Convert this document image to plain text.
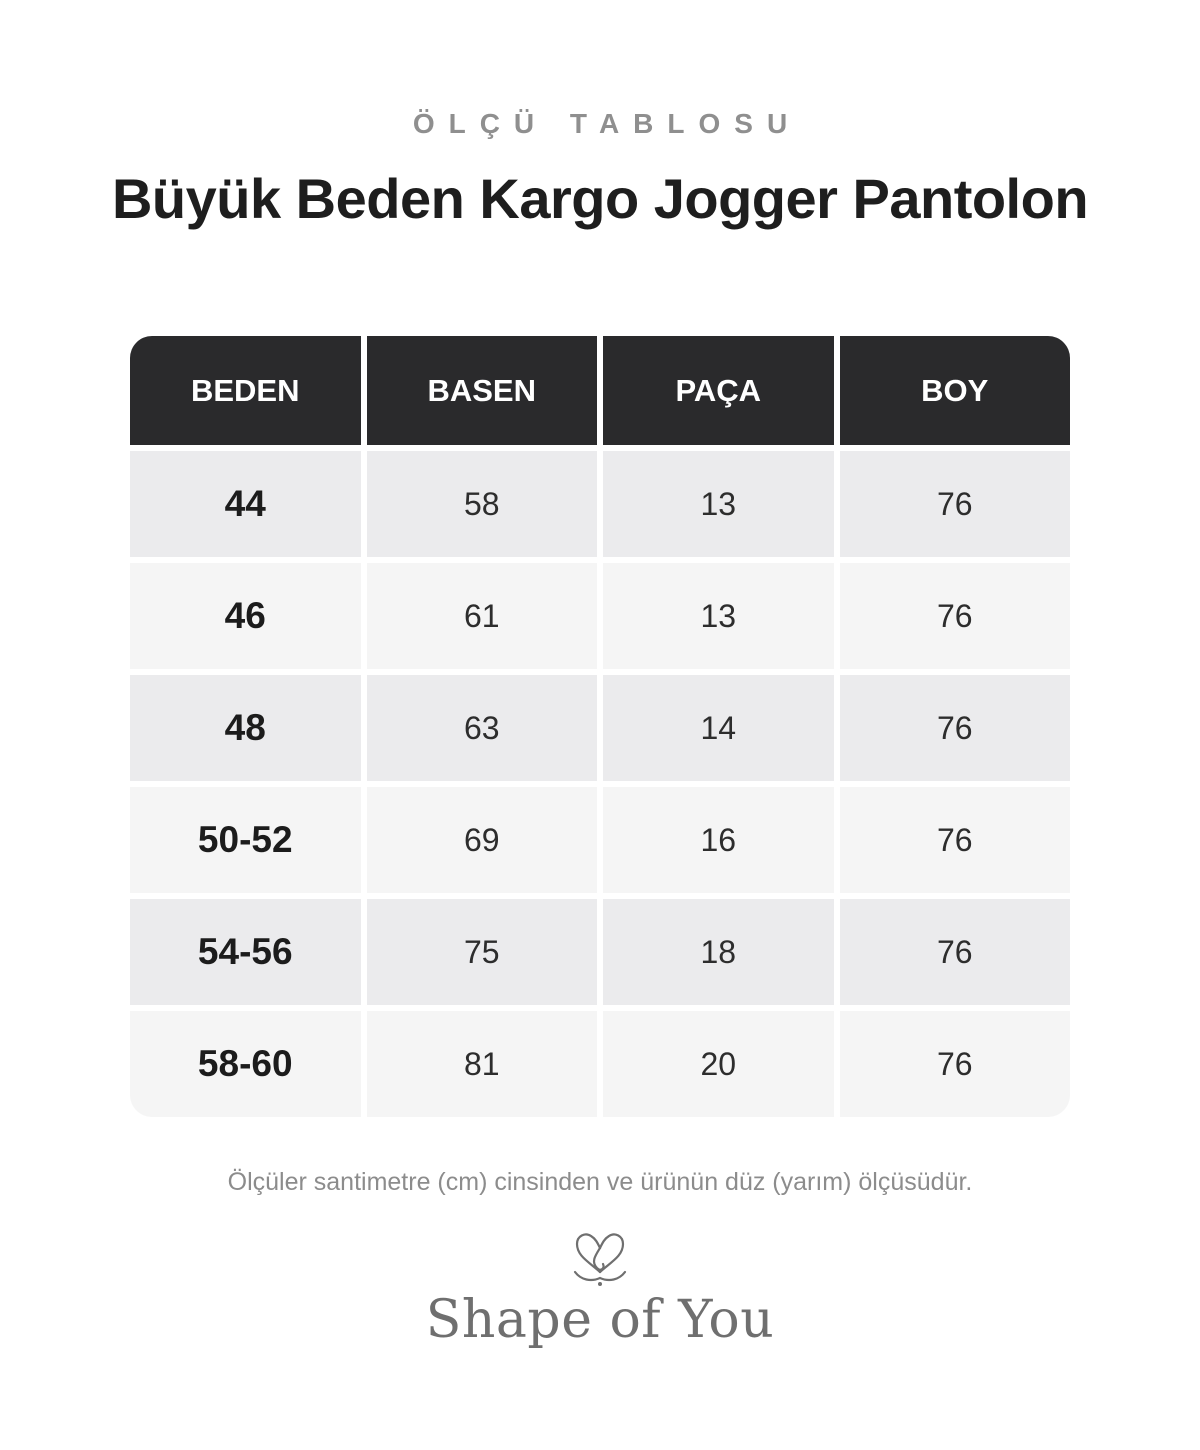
ÖLÇÜ TABLOSU
Büyük Beden Kargo Jogger Pantolon
BEDEN	BASEN	PAÇA	BOY
44	58	13	76
46	61	13	76
48	63	14	76
50-52	69	16	76
54-56	75	18	76
58-60	81	20	76
Ölçüler santimetre (cm) cinsinden ve ürünün düz (yarım) ölçüsüdür.
Shape of You
